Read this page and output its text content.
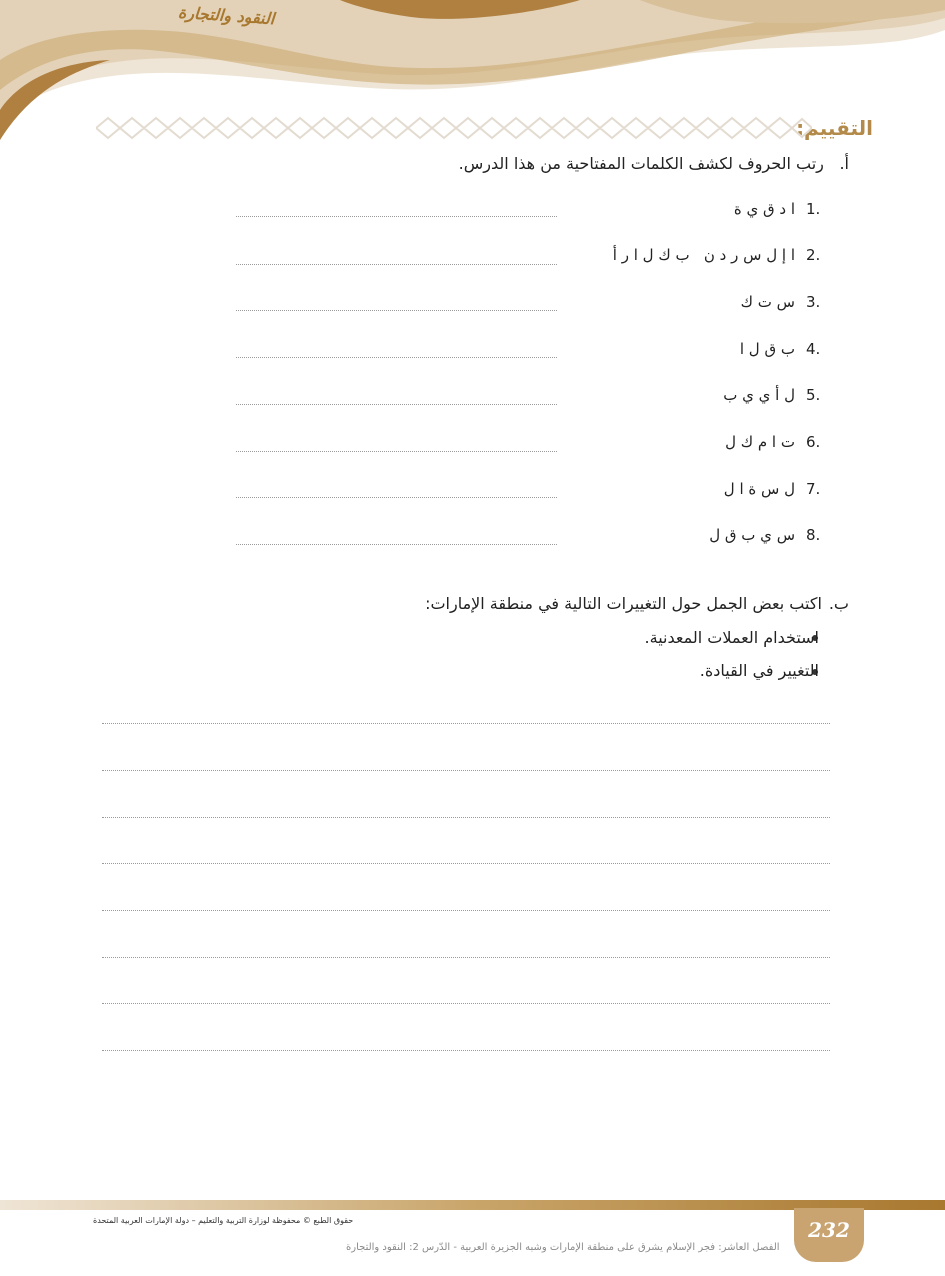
النقود والتجارة
التقييم:
أ. رتب الحروف لكشف الكلمات المفتاحية من هذا الدرس.
1.
ا د ق ي ة
2.
ا إ ل س ر د ن   ب ك ل ا ر أ
3.
س ت ك
4.
ب ق ل ا
5.
ل أ ي ي ب
6.
ت ا م ك ل
7.
ل س ة ا ل
8.
س ي ب ق ل
ب. اكتب بعض الجمل حول التغييرات التالية في منطقة الإمارات:
استخدام العملات المعدنية.
التغيير في القيادة.
232
حقوق الطبع © محفوظة لوزارة التربية والتعليم – دولة الإمارات العربية المتحدة
الفصل العاشر: فجر الإسلام يشرق على منطقة الإمارات وشبه الجزيرة العربية - الدّرس 2: النقود والتجارة
